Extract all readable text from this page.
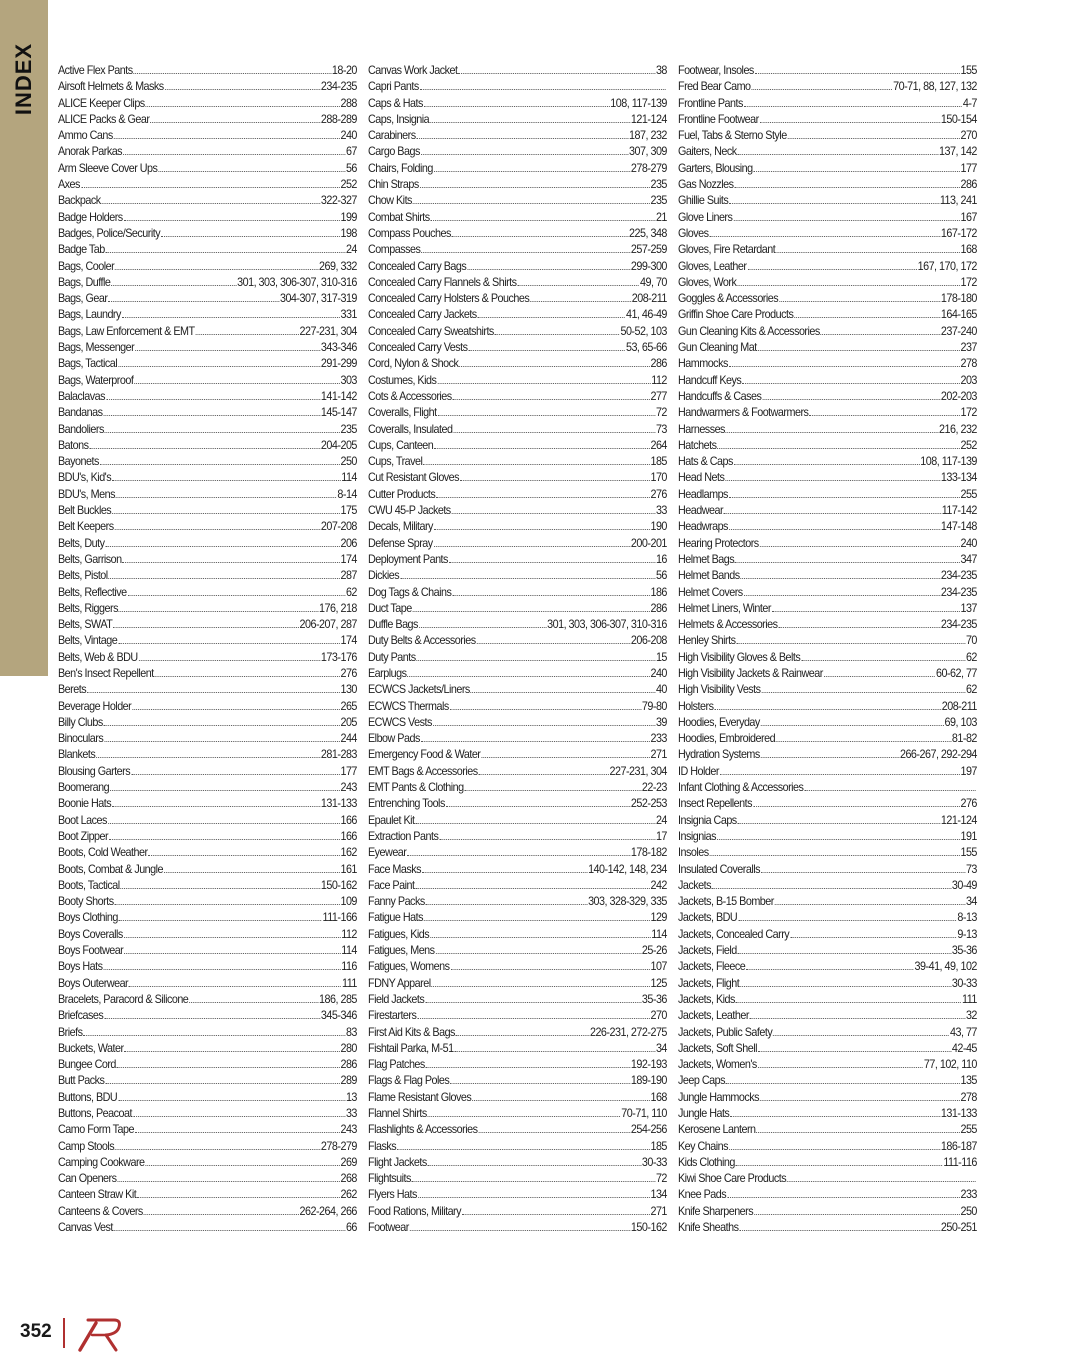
INDEX Active Flex Pants	18-20
Airsoft Helmets & Masks	234-235
ALICE Keeper Clips	288
ALICE Packs & Gear	288-289
Ammo Cans	240
Anorak Parkas	67
Arm Sleeve Cover Ups	56
Axes	252
Backpack	322-327
Badge Holders	199
Badges, Police/Security	198
Badge Tab	24
Bags, Cooler	269, 332
Bags, Duffle	301, 303, 306-307, 310-316
Bags, Gear	304-307, 317-319
Bags, Laundry	331
Bags, Law Enforcement & EMT	227-231, 304
Bags, Messenger	343-346
Bags, Tactical	291-299
Bags, Waterproof	303
Balaclavas	141-142
Bandanas	145-147
Bandoliers	235
Batons	204-205
Bayonets	250
BDU's, Kid's	114
BDU's, Mens	8-14
Belt Buckles	175
Belt Keepers	207-208
Belts, Duty	206
Belts, Garrison	174
Belts, Pistol	287
Belts, Reflective	62
Belts, Riggers	176, 218
Belts, SWAT	206-207, 287
Belts, Vintage	174
Belts, Web & BDU	173-176
Ben's Insect Repellent	276
Berets	130
Beverage Holder	265
Billy Clubs	205
Binoculars	244
Blankets	281-283
Blousing Garters	177
Boomerang	243
Boonie Hats	131-133
Boot Laces	166
Boot Zipper	166
Boots, Cold Weather	162
Boots, Combat & Jungle	161
Boots, Tactical	150-162
Booty Shorts	109
Boys Clothing	111-166
Boys Coveralls	112
Boys Footwear	114
Boys Hats	116
Boys Outerwear	111
Bracelets, Paracord & Silicone	186, 285
Briefcases	345-346
Briefs	83
Buckets, Water	280
Bungee Cord	286
Butt Packs	289
Buttons, BDU	13
Buttons, Peacoat	33
Camo Form Tape	243
Camp Stools	278-279
Camping Cookware	269
Can Openers	268
Canteen Straw Kit	262
Canteens & Covers	262-264, 266
Canvas Vest	66
Canvas Work Jacket	38
Capri Pants
Caps & Hats	108, 117-139
Caps, Insignia	121-124
Carabiners	187, 232
Cargo Bags	307, 309
Chairs, Folding	278-279
Chin Straps	235
Chow Kits	235
Combat Shirts	21
Compass Pouches	225, 348
Compasses	257-259
Concealed Carry Bags	299-300
Concealed Carry Flannels & Shirts	49, 70
Concealed Carry Holsters & Pouches	208-211
Concealed Carry Jackets	41, 46-49
Concealed Carry Sweatshirts	50-52, 103
Concealed Carry Vests	53, 65-66
Cord, Nylon & Shock	286
Costumes, Kids	112
Cots & Accessories	277
Coveralls, Flight	72
Coveralls, Insulated	73
Cups, Canteen	264
Cups, Travel	185
Cut Resistant Gloves	170
Cutter Products	276
CWU 45-P Jackets	33
Decals, Military	190
Defense Spray	200-201
Deployment Pants	16
Dickies	56
Dog Tags & Chains	186
Duct Tape	286
Duffle Bags	301, 303, 306-307, 310-316
Duty Belts & Accessories	206-208
Duty Pants	15
Earplugs	240
ECWCS Jackets/Liners	40
ECWCS Thermals	79-80
ECWCS Vests	39
Elbow Pads	233
Emergency Food & Water	271
EMT Bags & Accessories	227-231, 304
EMT Pants & Clothing	22-23
Entrenching Tools	252-253
Epaulet Kit	24
Extraction Pants	17
Eyewear	178-182
Face Masks	140-142, 148, 234
Face Paint	242
Fanny Packs	303, 328-329, 335
Fatigue Hats	129
Fatigues, Kids	114
Fatigues, Mens	25-26
Fatigues, Womens	107
FDNY Apparel	125
Field Jackets	35-36
Firestarters	270
First Aid Kits & Bags	226-231, 272-275
Fishtail Parka, M-51	34
Flag Patches	192-193
Flags & Flag Poles	189-190
Flame Resistant Gloves	168
Flannel Shirts	70-71, 110
Flashlights & Accessories	254-256
Flasks	185
Flight Jackets	30-33
Flightsuits	72
Flyers Hats	134
Food Rations, Military	271
Footwear	150-162
Footwear, Insoles	155
Fred Bear Camo	70-71, 88, 127, 132
Frontline Pants	4-7
Frontline Footwear	150-154
Fuel, Tabs & Sterno Style	270
Gaiters, Neck	137, 142
Garters, Blousing	177
Gas Nozzles	286
Ghillie Suits	113, 241
Glove Liners	167
Gloves	167-172
Gloves, Fire Retardant	168
Gloves, Leather	167, 170, 172
Gloves, Work	172
Goggles & Accessories	178-180
Griffin Shoe Care Products	164-165
Gun Cleaning Kits & Accessories	237-240
Gun Cleaning Mat	237
Hammocks	278
Handcuff Keys	203
Handcuffs & Cases	202-203
Handwarmers & Footwarmers	172
Harnesses	216, 232
Hatchets	252
Hats & Caps	108, 117-139
Head Nets	133-134
Headlamps	255
Headwear	117-142
Headwraps	147-148
Hearing Protectors	240
Helmet Bags	347
Helmet Bands	234-235
Helmet Covers	234-235
Helmet Liners, Winter	137
Helmets & Accessories	234-235
Henley Shirts	70
High Visibility Gloves & Belts	62
High Visibility Jackets & Rainwear	60-62, 77
High Visibility Vests	62
Holsters	208-211
Hoodies, Everyday	69, 103
Hoodies, Embroidered	81-82
Hydration Systems	266-267, 292-294
ID Holder	197
Infant Clothing & Accessories
Insect Repellents	276
Insignia Caps	121-124
Insignias	191
Insoles	155
Insulated Coveralls	73
Jackets	30-49
Jackets, B-15 Bomber	34
Jackets, BDU	8-13
Jackets, Concealed Carry	9-13
Jackets, Field	35-36
Jackets, Fleece	39-41, 49, 102
Jackets, Flight	30-33
Jackets, Kids	111
Jackets, Leather	32
Jackets, Public Safety	43, 77
Jackets, Soft Shell	42-45
Jackets, Women's	77, 102, 110
Jeep Caps	135
Jungle Hammocks	278
Jungle Hats	131-133
Kerosene Lantern	255
Key Chains	186-187
Kids Clothing	111-116
Kiwi Shoe Care Products
Knee Pads	233
Knife Sharpeners	250
Knife Sheaths	250-251
352
